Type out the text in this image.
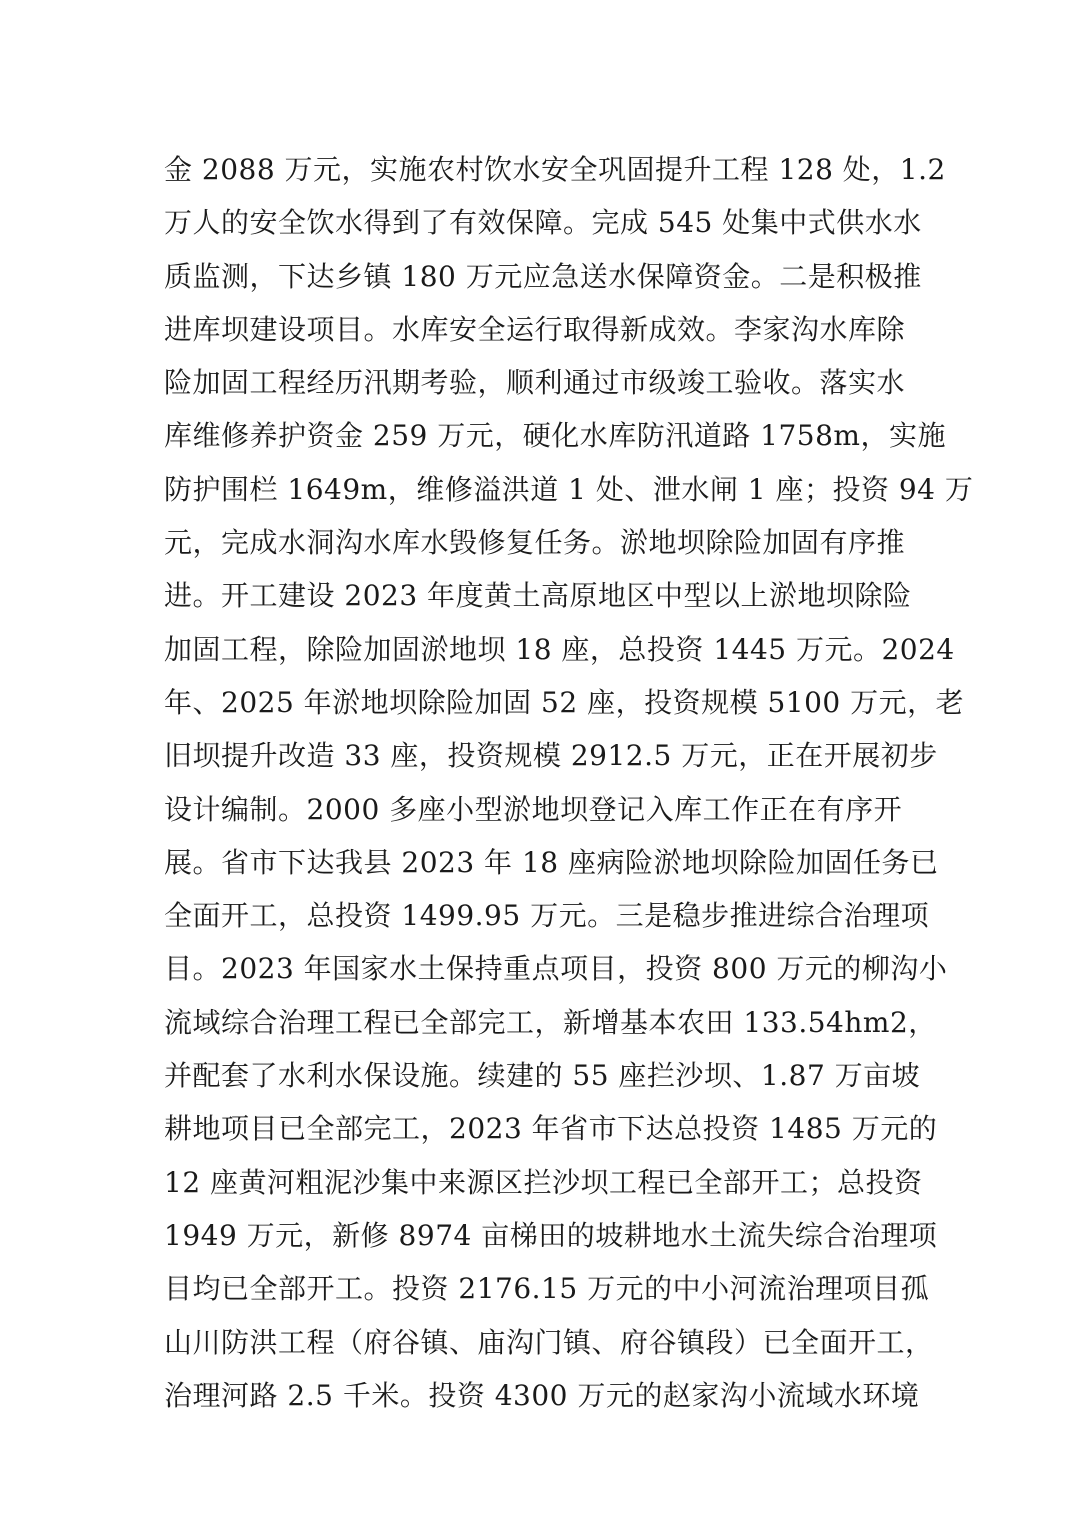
金 2088 万元，实施农村饮水安全巩固提升工程 128 处，1.2
万人的安全饮水得到了有效保障。完成 545 处集中式供水水
质监测，下达乡镇 180 万元应急送水保障资金。二是积极推
进库坝建设项目。水库安全运行取得新成效。李家沟水库除
险加固工程经历汛期考验，顺利通过市级竣工验收。落实水
库维修养护资金 259 万元，硬化水库防汛道路 1758m，实施
防护围栏 1649m，维修溢洪道 1 处、泄水闸 1 座；投资 94 万
元，完成水洞沟水库水毁修复任务。淤地坝除险加固有序推
进。开工建设 2023 年度黄土高原地区中型以上淤地坝除险
加固工程，除险加固淤地坝 18 座，总投资 1445 万元。2024
年、2025 年淤地坝除险加固 52 座，投资规模 5100 万元，老
旧坝提升改造 33 座，投资规模 2912.5 万元，正在开展初步
设计编制。2000 多座小型淤地坝登记入库工作正在有序开
展。省市下达我县 2023 年 18 座病险淤地坝除险加固任务已
全面开工，总投资 1499.95 万元。三是稳步推进综合治理项
目。2023 年国家水土保持重点项目，投资 800 万元的柳沟小
流域综合治理工程已全部完工，新增基本农田 133.54hm2，
并配套了水利水保设施。续建的 55 座拦沙坝、1.87 万亩坡
耕地项目已全部完工，2023 年省市下达总投资 1485 万元的
12 座黄河粗泥沙集中来源区拦沙坝工程已全部开工；总投资
1949 万元，新修 8974 亩梯田的坡耕地水土流失综合治理项
目均已全部开工。投资 2176.15 万元的中小河流治理项目孤
山川防洪工程（府谷镇、庙沟门镇、府谷镇段）已全面开工，
治理河路 2.5 千米。投资 4300 万元的赵家沟小流域水环境
